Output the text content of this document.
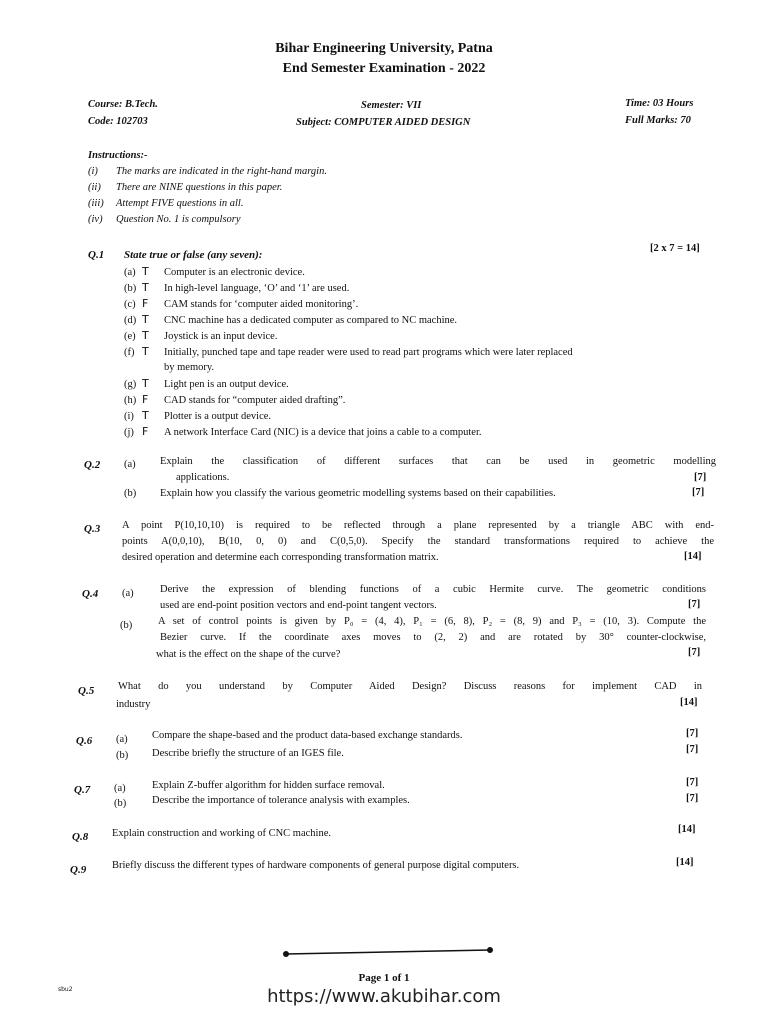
Bihar Engineering University, Patna
End Semester Examination - 2022
Course: B.Tech.
Code: 102703
Semester: VII
Subject: COMPUTER AIDED DESIGN
Time: 03 Hours
Full Marks: 70
Instructions:-
(i) The marks are indicated in the right-hand margin.
(ii) There are NINE questions in this paper.
(iii) Attempt FIVE questions in all.
(iv) Question No. 1 is compulsory
Q.1 State true or false (any seven):
[2 x 7 = 14]
(a) T Computer is an electronic device.
(b) T In high-level language, ‘O’ and ‘1’ are used.
(c) F CAM stands for ‘computer aided monitoring’.
(d) T CNC machine has a dedicated computer as compared to NC machine.
(e) T Joystick is an input device.
(f) T Initially, punched tape and tape reader were used to read part programs which were later replaced
by memory.
(g) T Light pen is an output device.
(h) F CAD stands for “computer aided drafting”.
(i) T Plotter is a output device.
(j) F A network Interface Card (NIC) is a device that joins a cable to a computer.
Q.2 (a) Explain the classification of different surfaces that can be used in geometric modelling
applications.	[7]
(b) Explain how you classify the various geometric modelling systems based on their capabilities.	[7]
Q.3 A point P(10,10,10) is required to be reflected through a plane represented by a triangle ABC with end-
points A(0,0,10), B(10, 0, 0) and C(0,5,0). Specify the standard transformations required to achieve the
desired operation and determine each corresponding transformation matrix.	[14]
Q.4 (a)	Derive the expression of blending functions of a cubic Hermite curve. The geometric conditions
used are end-point position vectors and end-point tangent vectors.	[7]
(b) A set of control points is given by P₀ = (4, 4), P₁ = (6, 8), P₂ = (8, 9) and P₃ = (10, 3). Compute the
Bezier curve. If the coordinate axes moves to (2, 2) and are rotated by 30° counter-clockwise,
what is the effect on the shape of the curve?	[7]
Q.5 What do you understand by Computer Aided Design? Discuss reasons for implement CAD in
industry	[14]
Q.6 (a) Compare the shape-based and the product data-based exchange standards.	[7]
(b) Describe briefly the structure of an IGES file.	[7]
Q.7 (a)	Explain Z-buffer algorithm for hidden surface removal.	[7]
(b) Describe the importance of tolerance analysis with examples.	[7]
Q.8 Explain construction and working of CNC machine.	[14]
Q.9 Briefly discuss the different types of hardware components of general purpose digital computers.	[14]
Page 1 of 1
https://www.akubihar.com
sbu2
